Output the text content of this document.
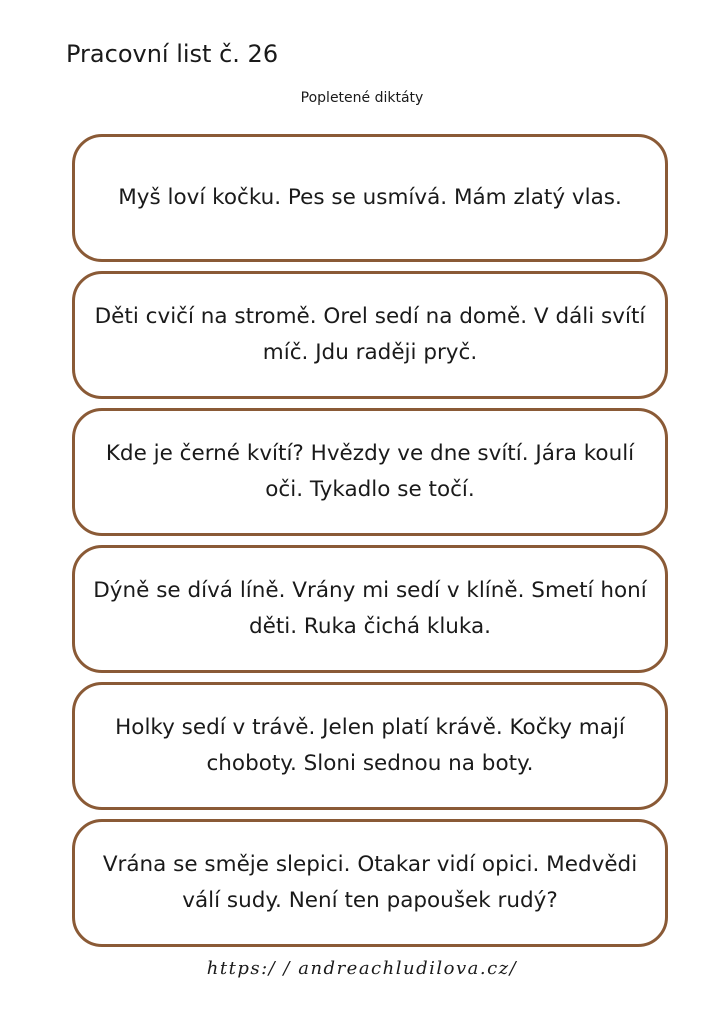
Pracovní list č. 26
Popletené diktáty
Myš loví kočku. Pes se usmívá. Mám zlatý vlas.
Děti cvičí na stromě. Orel sedí na domě. V dáli svítí míč. Jdu raději pryč.
Kde je černé kvítí? Hvězdy ve dne svítí. Jára koulí oči. Tykadlo se točí.
Dýně se dívá líně. Vrány mi sedí v klíně. Smetí honí děti. Ruka čichá kluka.
Holky sedí v trávě. Jelen platí krávě. Kočky mají choboty. Sloni sednou na boty.
Vrána se směje slepici. Otakar vidí opici. Medvědi válí sudy. Není ten papoušek rudý?
https:/ / andreachludilova.cz/
